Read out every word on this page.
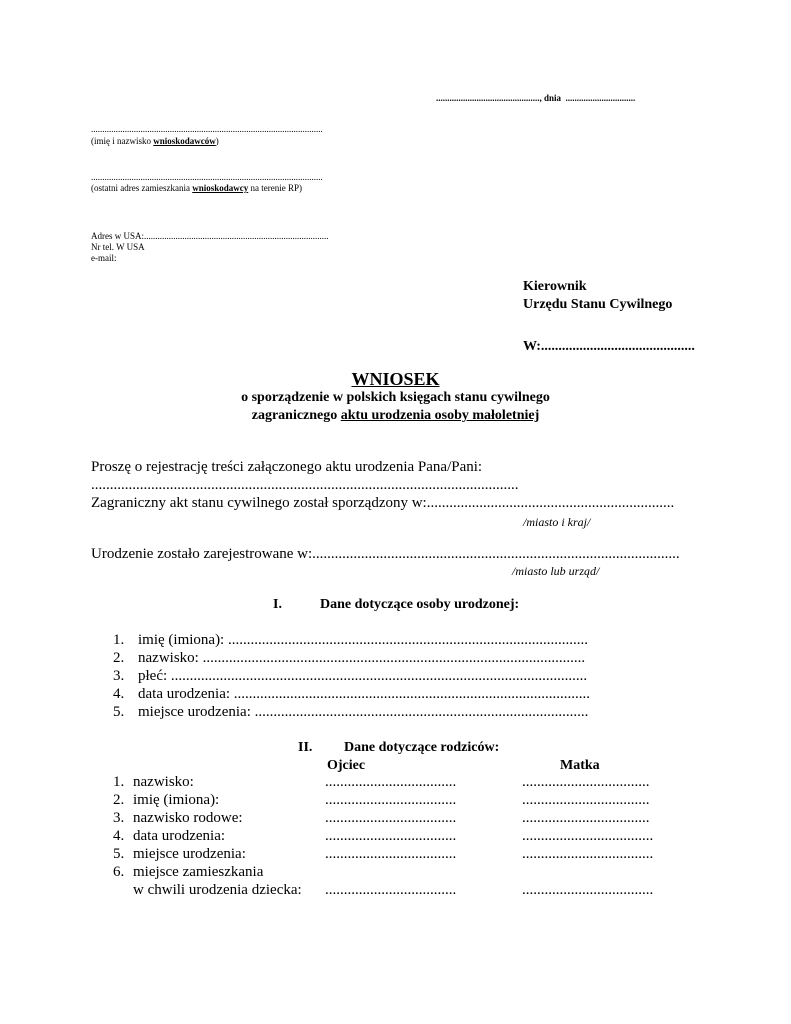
.............................................., dnia ...............................
.......................................................................................................
(imię i nazwisko wnioskodawców)
.......................................................................................................
(ostatni adres zamieszkania wnioskodawcy na terenie RP)
Adres w USA:..................................................................................
Nr tel. W USA
e-mail:
Kierownik
Urzędu Stanu Cywilnego
W:............................................
WNIOSEK
o sporządzenie w polskich księgach stanu cywilnego
zagranicznego aktu urodzenia osoby małoletniej
Proszę o rejestrację treści załączonego aktu urodzenia Pana/Pani:
..................................................................................................................
Zagraniczny akt stanu cywilnego został sporządzony w:..................................................................
/miasto i kraj/
Urodzenie zostało zarejestrowane w:..................................................................................................
/miasto lub urząd/
I.	Dane dotyczące osoby urodzonej:
1. imię (imiona): ................................................................................................
2. nazwisko: ......................................................................................................
3. płeć: ...............................................................................................................
4. data urodzenia: ...............................................................................................
5. miejsce urodzenia: .........................................................................................
II. Dane dotyczące rodziców:
Ojciec	Matka
1. nazwisko:	...................................	..................................
2. imię (imiona):	...................................	..................................
3. nazwisko rodowe:	...................................	..................................
4. data urodzenia:	...................................	...................................
5. miejsce urodzenia:	...................................	...................................
6. miejsce zamieszkania
w chwili urodzenia dziecka: ...................................	...................................
